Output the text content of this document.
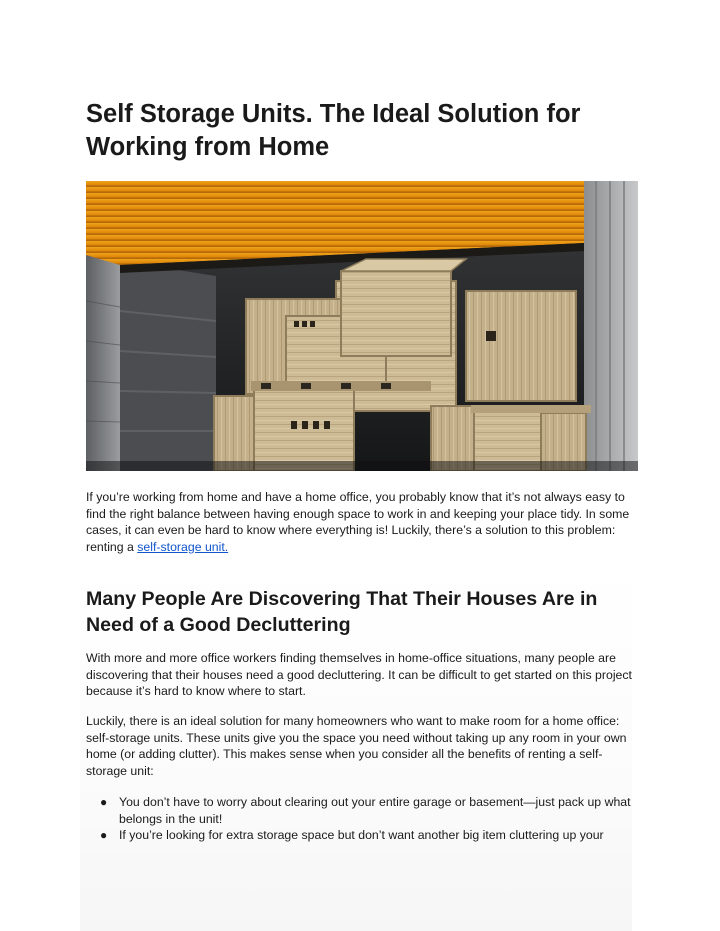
Self Storage Units. The Ideal Solution for Working from Home

If you’re working from home and have a home office, you probably know that it’s not always easy to find the right balance between having enough space to work in and keeping your place tidy. In some cases, it can even be hard to know where everything is! Luckily, there’s a solution to this problem: renting a self-storage unit.

Many People Are Discovering That Their Houses Are in Need of a Good Decluttering

With more and more office workers finding themselves in home-office situations, many people are discovering that their houses need a good decluttering. It can be difficult to get started on this project because it’s hard to know where to start.

Luckily, there is an ideal solution for many homeowners who want to make room for a home office: self-storage units. These units give you the space you need without taking up any room in your own home (or adding clutter). This makes sense when you consider all the benefits of renting a self-storage unit:

● You don’t have to worry about clearing out your entire garage or basement—just pack up what belongs in the unit!
● If you’re looking for extra storage space but don’t want another big item cluttering up your
